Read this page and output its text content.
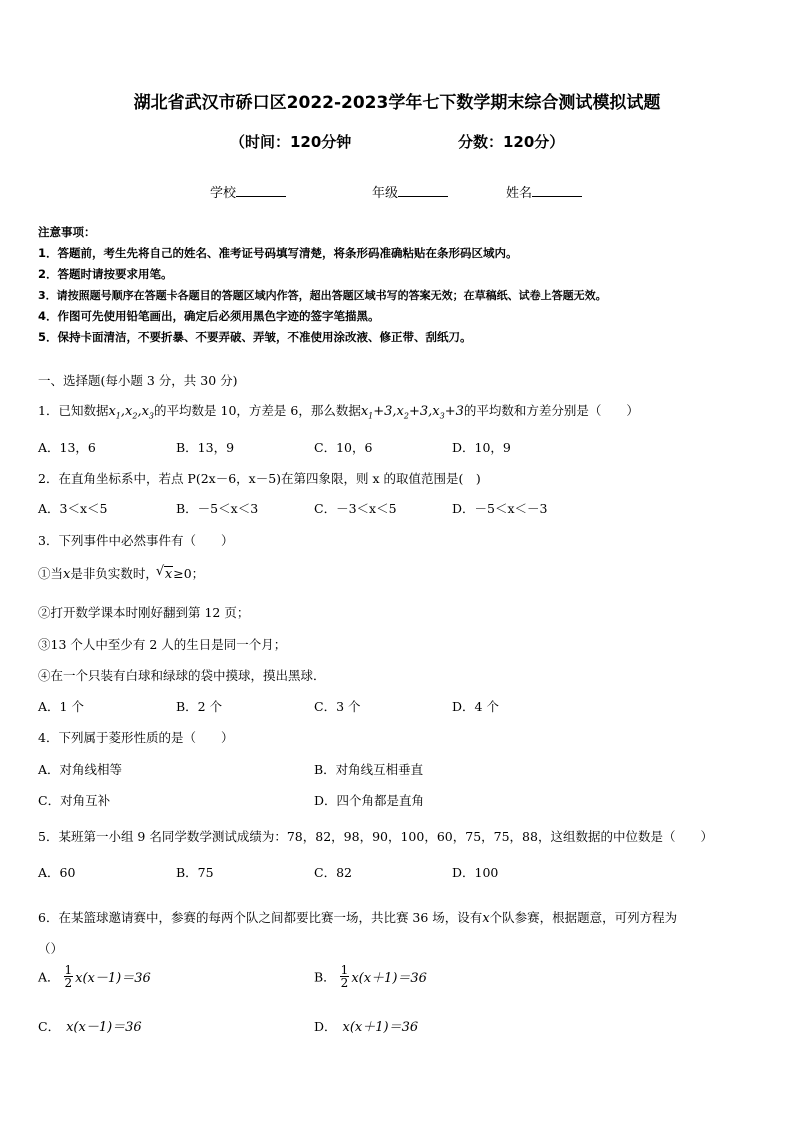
湖北省武汉市硚口区2022-2023学年七下数学期末综合测试模拟试题
（时间：120分钟	分数：120分）
学校	年级	姓名
注意事项：
1．答题前，考生先将自己的姓名、准考证号码填写清楚，将条形码准确粘贴在条形码区域内。
2．答题时请按要求用笔。
3．请按照题号顺序在答题卡各题目的答题区域内作答，超出答题区域书写的答案无效；在草稿纸、试卷上答题无效。
4．作图可先使用铅笔画出，确定后必须用黑色字迹的签字笔描黑。
5．保持卡面清洁，不要折暴、不要弄破、弄皱，不准使用涂改液、修正带、刮纸刀。
一、选择题(每小题 3 分，共 30 分)
1．已知数据$x_1,x_2,x_3$的平均数是 10，方差是 6，那么数据$x_1+3,x_2+3,x_3+3$的平均数和方差分别是（　　）
A．13，6	B．13，9	C．10，6	D．10，9
2．在直角坐标系中，若点 P(2x－6，x－5)在第四象限，则 x 的取值范围是(　)
A．3＜x＜5	B．－5＜x＜3	C．－3＜x＜5	D．－5＜x＜－3
3．下列事件中必然事件有（　　）
①当x是非负实数时，√ x≥0；
②打开数学课本时刚好翻到第 12 页；
③13 个人中至少有 2 人的生日是同一个月；
④在一个只装有白球和绿球的袋中摸球，摸出黑球．
A．1 个	B．2 个	C．3 个	D．4 个
4．下列属于菱形性质的是（　　）
A．对角线相等	B．对角线互相垂直
C．对角互补	D．四个角都是直角
5．某班第一小组 9 名同学数学测试成绩为：78，82，98，90，100，60，75，75，88，这组数据的中位数是（　　）
A．60	B．75	C．82	D．100
6．在某篮球邀请赛中，参赛的每两个队之间都要比赛一场，共比赛 36 场，设有x个队参赛，根据题意，可列方程为
（）
A． $\frac{1}{2} x(x-1)=36$	B． $\frac{1}{2} x(x+1)=36$
C． x(x－1)＝36	D． x(x＋1)＝36
